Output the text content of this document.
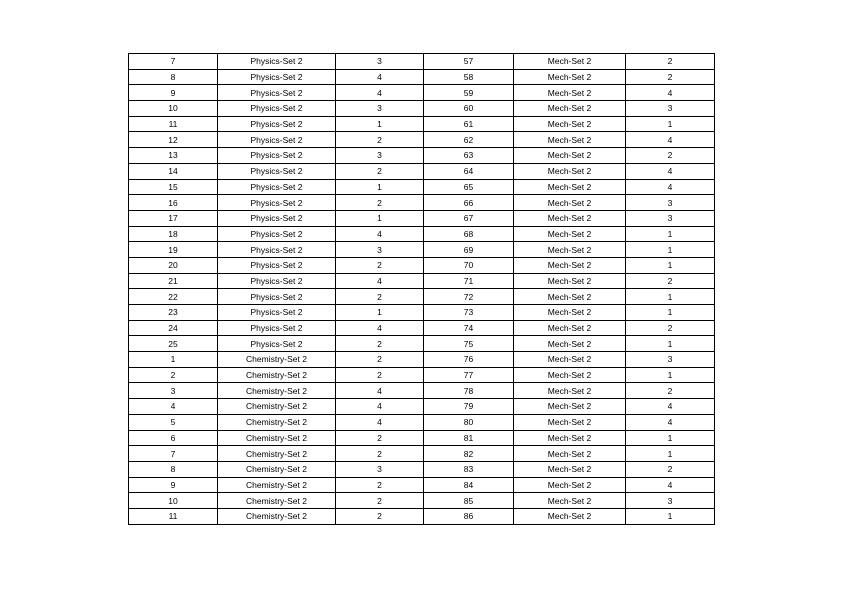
7	Physics-Set 2	3	57	Mech-Set 2	2
8	Physics-Set 2	4	58	Mech-Set 2	2
9	Physics-Set 2	4	59	Mech-Set 2	4
10	Physics-Set 2	3	60	Mech-Set 2	3
11	Physics-Set 2	1	61	Mech-Set 2	1
12	Physics-Set 2	2	62	Mech-Set 2	4
13	Physics-Set 2	3	63	Mech-Set 2	2
14	Physics-Set 2	2	64	Mech-Set 2	4
15	Physics-Set 2	1	65	Mech-Set 2	4
16	Physics-Set 2	2	66	Mech-Set 2	3
17	Physics-Set 2	1	67	Mech-Set 2	3
18	Physics-Set 2	4	68	Mech-Set 2	1
19	Physics-Set 2	3	69	Mech-Set 2	1
20	Physics-Set 2	2	70	Mech-Set 2	1
21	Physics-Set 2	4	71	Mech-Set 2	2
22	Physics-Set 2	2	72	Mech-Set 2	1
23	Physics-Set 2	1	73	Mech-Set 2	1
24	Physics-Set 2	4	74	Mech-Set 2	2
25	Physics-Set 2	2	75	Mech-Set 2	1
1	Chemistry-Set 2	2	76	Mech-Set 2	3
2	Chemistry-Set 2	2	77	Mech-Set 2	1
3	Chemistry-Set 2	4	78	Mech-Set 2	2
4	Chemistry-Set 2	4	79	Mech-Set 2	4
5	Chemistry-Set 2	4	80	Mech-Set 2	4
6	Chemistry-Set 2	2	81	Mech-Set 2	1
7	Chemistry-Set 2	2	82	Mech-Set 2	1
8	Chemistry-Set 2	3	83	Mech-Set 2	2
9	Chemistry-Set 2	2	84	Mech-Set 2	4
10	Chemistry-Set 2	2	85	Mech-Set 2	3
11	Chemistry-Set 2	2	86	Mech-Set 2	1
